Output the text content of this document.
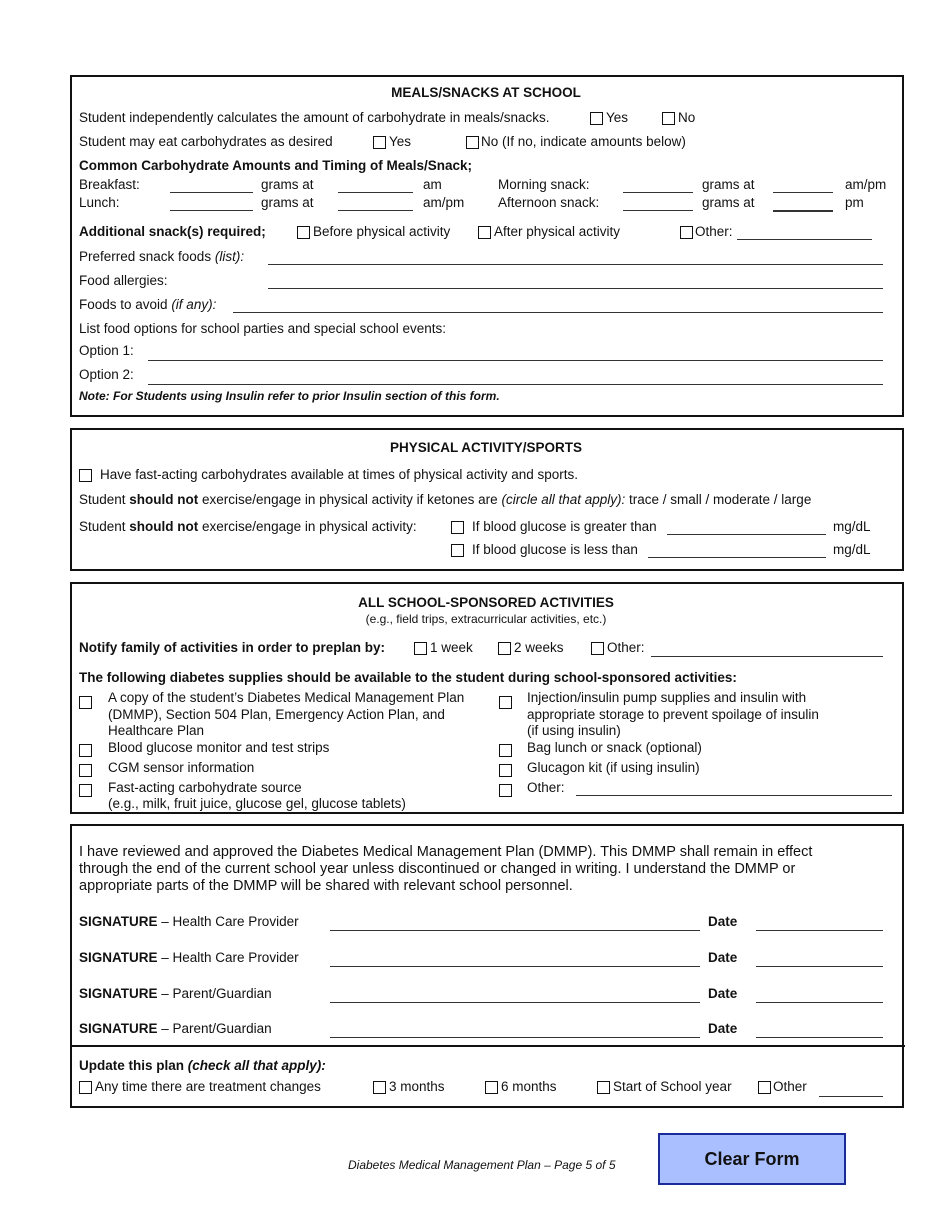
MEALS/SNACKS AT SCHOOL
Student independently calculates the amount of carbohydrate in meals/snacks.	Yes	No
Student may eat carbohydrates as desired	Yes	No (If no, indicate amounts below)
Common Carbohydrate Amounts and Timing of Meals/Snack;
Breakfast:	grams at	am	Morning snack:	grams at	am/pm
Lunch:	grams at	am/pm Afternoon snack:	grams at	pm
Additional snack(s) required;	Before physical activity	After physical activity	Other:
Preferred snack foods (list):
Food allergies:
Foods to avoid (if any):
List food options for school parties and special school events:
Option 1:
Option 2:
Note: For Students using Insulin refer to prior Insulin section of this form.
PHYSICAL ACTIVITY/SPORTS
Have fast-acting carbohydrates available at times of physical activity and sports.
Student should not exercise/engage in physical activity if ketones are (circle all that apply): trace / small / moderate / large
Student should not exercise/engage in physical activity:	If blood glucose is greater than	mg/dL
If blood glucose is less than	mg/dL
ALL SCHOOL-SPONSORED ACTIVITIES
(e.g., field trips, extracurricular activities, etc.)
Notify family of activities in order to preplan by:	1 week	2 weeks	Other:
The following diabetes supplies should be available to the student during school-sponsored activities:
A copy of the student’s Diabetes Medical Management Plan
(DMMP), Section 504 Plan, Emergency Action Plan, and
Healthcare Plan
Blood glucose monitor and test strips
CGM sensor information
Fast-acting carbohydrate source
(e.g., milk, fruit juice, glucose gel, glucose tablets)
Injection/insulin pump supplies and insulin with
appropriate storage to prevent spoilage of insulin
(if using insulin)
Bag lunch or snack (optional)
Glucagon kit (if using insulin)
Other:
I have reviewed and approved the Diabetes Medical Management Plan (DMMP). This DMMP shall remain in effect
through the end of the current school year unless discontinued or changed in writing. I understand the DMMP or
appropriate parts of the DMMP will be shared with relevant school personnel.
SIGNATURE – Health Care Provider	Date
SIGNATURE – Health Care Provider	Date
SIGNATURE – Parent/Guardian	Date
SIGNATURE – Parent/Guardian	Date
Update this plan (check all that apply):
Any time there are treatment changes	3 months	6 months	Start of School year	Other
Diabetes Medical Management Plan – Page 5 of 5	Clear Form
